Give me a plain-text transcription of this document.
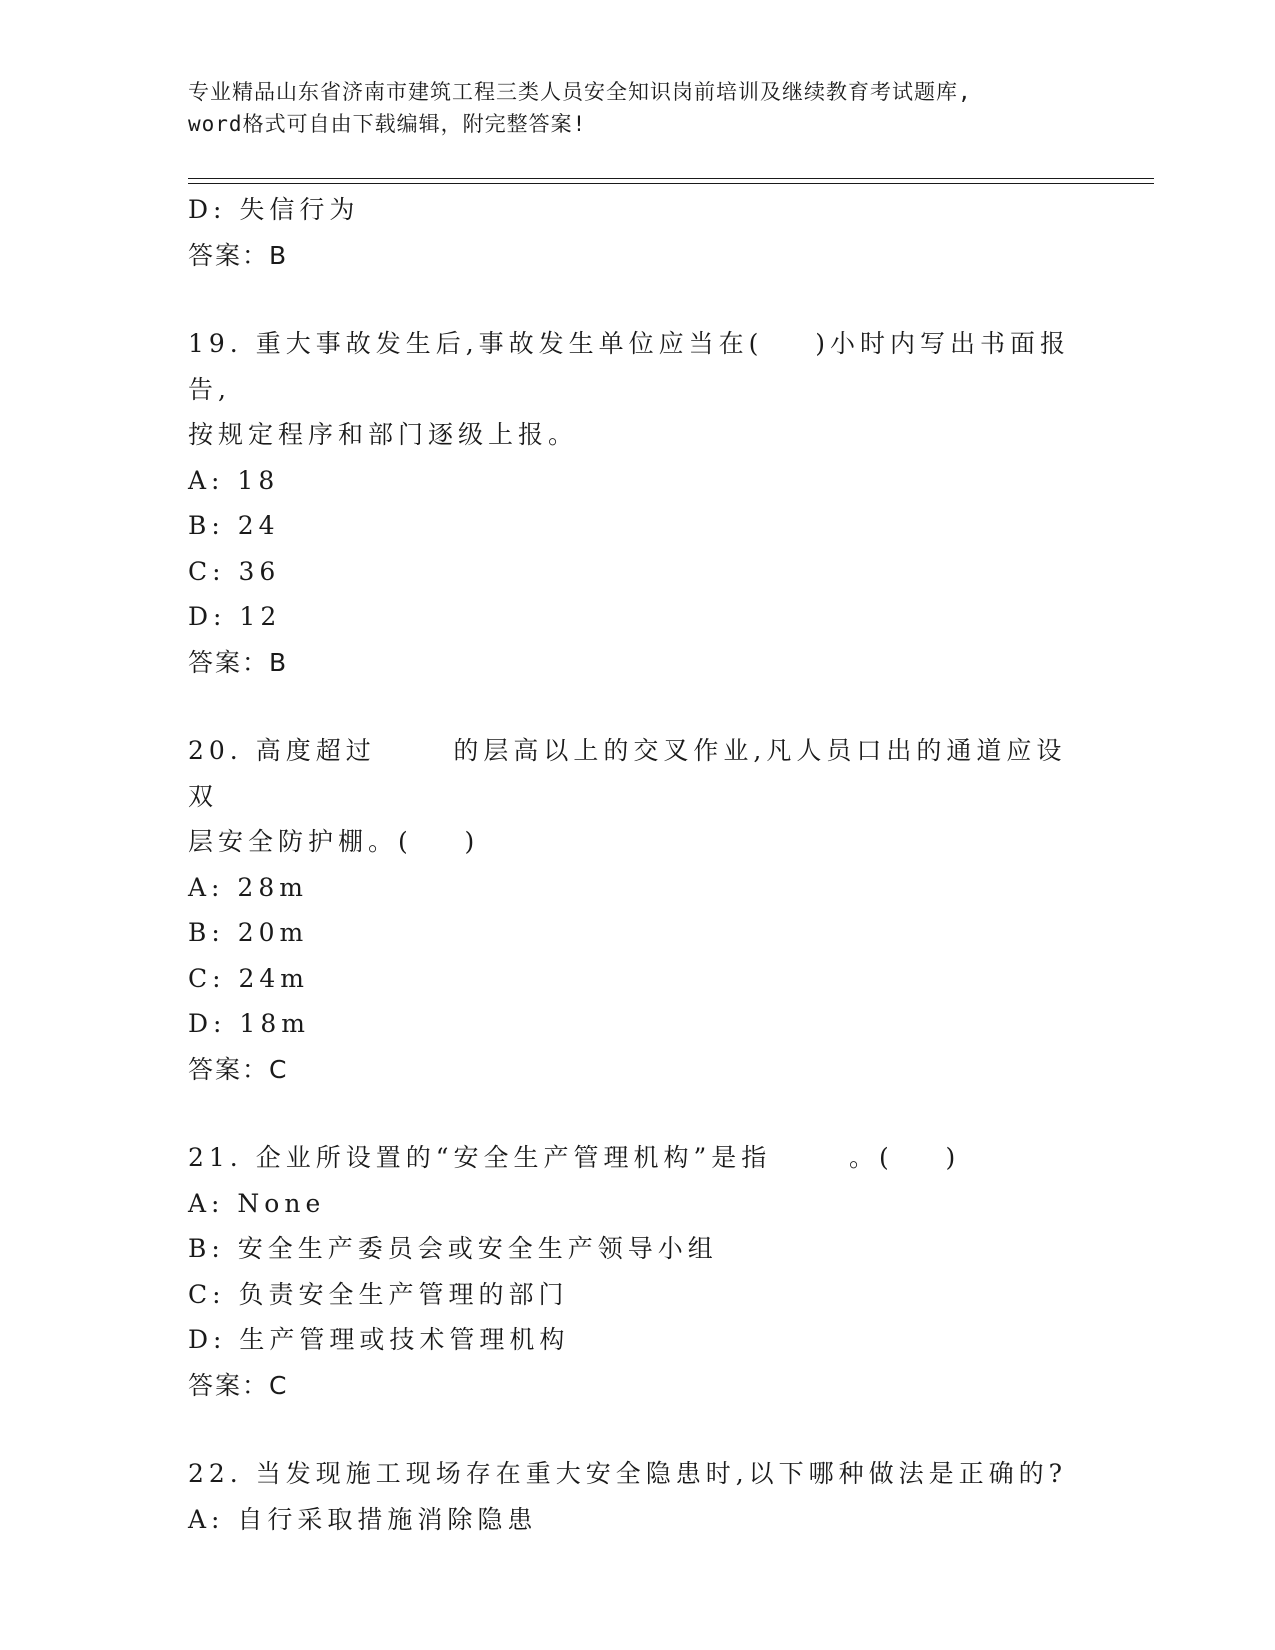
专业精品山东省济南市建筑工程三类人员安全知识岗前培训及继续教育考试题库,
word格式可自由下载编辑，附完整答案!
D: 失信行为
答案：B
19. 重大事故发生后,事故发生单位应当在(    )小时内写出书面报告,
按规定程序和部门逐级上报。
A: 18
B: 24
C: 36
D: 12
答案：B
20. 高度超过      的层高以上的交叉作业,凡人员口出的通道应设双
层安全防护棚。(    )
A: 28m
B: 20m
C: 24m
D: 18m
答案：C
21. 企业所设置的“安全生产管理机构”是指      。(    )
A: None
B: 安全生产委员会或安全生产领导小组
C: 负责安全生产管理的部门
D: 生产管理或技术管理机构
答案：C
22. 当发现施工现场存在重大安全隐患时,以下哪种做法是正确的?
A: 自行采取措施消除隐患
